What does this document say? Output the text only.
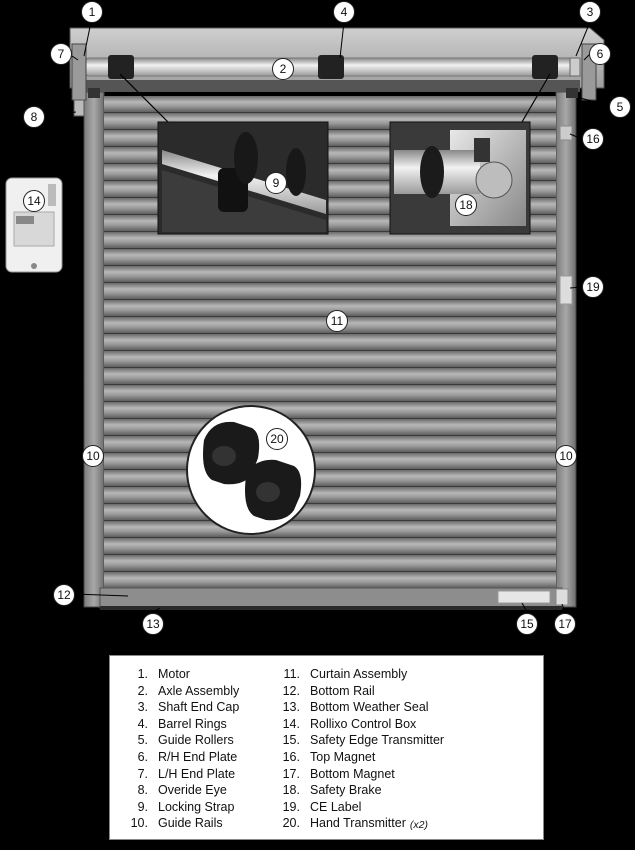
1
2
3
4
5
6
7
8
9
10	10
11
12
13
14
15
16
17
18
19
20
1. Motor
2. Axle Assembly
3. Shaft End Cap
4. Barrel Rings
5. Guide Rollers
6. R/H End Plate
7. L/H End Plate
8. Overide Eye
9. Locking Strap
10. Guide Rails
11. Curtain Assembly
12. Bottom Rail
13. Bottom Weather Seal
14. Rollixo Control Box
15. Safety Edge Transmitter
16. Top Magnet
17. Bottom Magnet
18. Safety Brake
19. CE Label
20. Hand Transmitter (x2)
